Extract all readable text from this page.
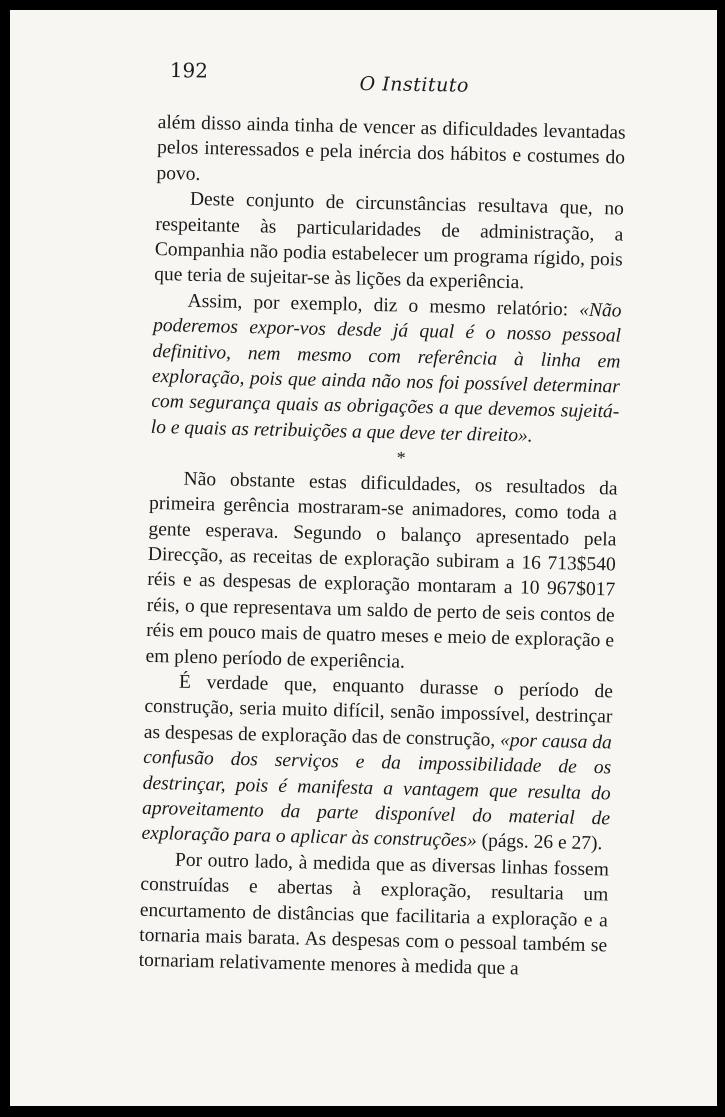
192
O Instituto

além disso ainda tinha de vencer as dificuldades levantadas pelos interessados e pela inércia dos hábitos e costumes do povo.

Deste conjunto de circunstâncias resultava que, no respeitante às particularidades de administração, a Companhia não podia estabelecer um programa rígido, pois que teria de sujeitar-se às lições da experiência.

Assim, por exemplo, diz o mesmo relatório: «Não poderemos expor-vos desde já qual é o nosso pessoal definitivo, nem mesmo com referência à linha em exploração, pois que ainda não nos foi possível determinar com segurança quais as obrigações a que devemos sujeitá-lo e quais as retribuições a que deve ter direito».

*

Não obstante estas dificuldades, os resultados da primeira gerência mostraram-se animadores, como toda a gente esperava. Segundo o balanço apresentado pela Direcção, as receitas de exploração subiram a 16 713$540 réis e as despesas de exploração montaram a 10 967$017 réis, o que representava um saldo de perto de seis contos de réis em pouco mais de quatro meses e meio de exploração e em pleno período de experiência.

É verdade que, enquanto durasse o período de construção, seria muito difícil, senão impossível, destrinçar as despesas de exploração das de construção, «por causa da confusão dos serviços e da impossibilidade de os destrinçar, pois é manifesta a vantagem que resulta do aproveitamento da parte disponível do material de exploração para o aplicar às construções» (págs. 26 e 27).

Por outro lado, à medida que as diversas linhas fossem construídas e abertas à exploração, resultaria um encurtamento de distâncias que facilitaria a exploração e a tornaria mais barata. As despesas com o pessoal também se tornariam relativamente menores à medida que a
